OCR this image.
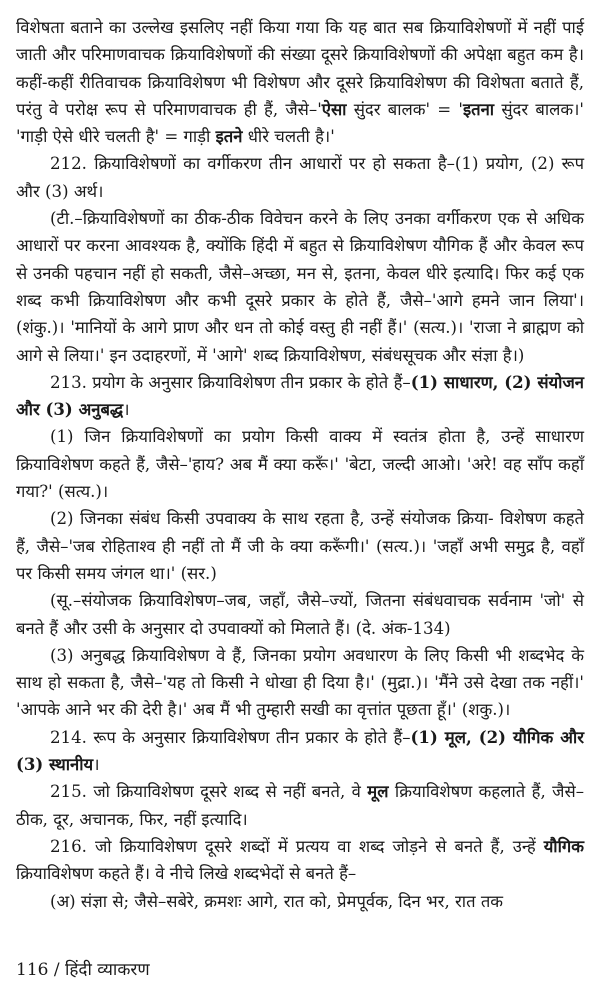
विशेषता बताने का उल्लेख इसलिए नहीं किया गया कि यह बात सब क्रियाविशेषणों में नहीं पाई जाती और परिमाणवाचक क्रियाविशेषणों की संख्या दूसरे क्रियाविशेषणों की अपेक्षा बहुत कम है। कहीं-कहीं रीतिवाचक क्रियाविशेषण भी विशेषण और दूसरे क्रियाविशेषण की विशेषता बताते हैं, परंतु वे परोक्ष रूप से परिमाणवाचक ही हैं, जैसे–'ऐसा सुंदर बालक' = 'इतना सुंदर बालक।' 'गाड़ी ऐसे धीरे चलती है' = गाड़ी इतने धीरे चलती है।'

212. क्रियाविशेषणों का वर्गीकरण तीन आधारों पर हो सकता है–(1) प्रयोग, (2) रूप और (3) अर्थ।

(टी.–क्रियाविशेषणों का ठीक-ठीक विवेचन करने के लिए उनका वर्गीकरण एक से अधिक आधारों पर करना आवश्यक है, क्योंकि हिंदी में बहुत से क्रियाविशेषण यौगिक हैं और केवल रूप से उनकी पहचान नहीं हो सकती, जैसे–अच्छा, मन से, इतना, केवल धीरे इत्यादि। फिर कई एक शब्द कभी क्रियाविशेषण और कभी दूसरे प्रकार के होते हैं, जैसे–'आगे हमने जान लिया'। (शंकु.)। 'मानियों के आगे प्राण और धन तो कोई वस्तु ही नहीं हैं।' (सत्य.)। 'राजा ने ब्राह्मण को आगे से लिया।' इन उदाहरणों, में 'आगे' शब्द क्रियाविशेषण, संबंधसूचक और संज्ञा है।)

213. प्रयोग के अनुसार क्रियाविशेषण तीन प्रकार के होते हैं–(1) साधारण, (2) संयोजन और (3) अनुबद्ध।

(1) जिन क्रियाविशेषणों का प्रयोग किसी वाक्य में स्वतंत्र होता है, उन्हें साधारण क्रियाविशेषण कहते हैं, जैसे–'हाय? अब मैं क्या करूँ।' 'बेटा, जल्दी आओ। 'अरे! वह साँप कहाँ गया?' (सत्य.)।

(2) जिनका संबंध किसी उपवाक्य के साथ रहता है, उन्हें संयोजक क्रिया- विशेषण कहते हैं, जैसे–'जब रोहिताश्व ही नहीं तो मैं जी के क्या करूँगी।' (सत्य.)। 'जहाँ अभी समुद्र है, वहाँ पर किसी समय जंगल था।' (सर.)

(सू.–संयोजक क्रियाविशेषण–जब, जहाँ, जैसे–ज्यों, जितना संबंधवाचक सर्वनाम 'जो' से बनते हैं और उसी के अनुसार दो उपवाक्यों को मिलाते हैं। (दे. अंक-134)

(3) अनुबद्ध क्रियाविशेषण वे हैं, जिनका प्रयोग अवधारण के लिए किसी भी शब्दभेद के साथ हो सकता है, जैसे–'यह तो किसी ने धोखा ही दिया है।' (मुद्रा.)। 'मैंने उसे देखा तक नहीं।' 'आपके आने भर की देरी है।' अब मैं भी तुम्हारी सखी का वृत्तांत पूछता हूँ।' (शकु.)।

214. रूप के अनुसार क्रियाविशेषण तीन प्रकार के होते हैं–(1) मूल, (2) यौगिक और (3) स्थानीय।

215. जो क्रियाविशेषण दूसरे शब्द से नहीं बनते, वे मूल क्रियाविशेषण कहलाते हैं, जैसे–ठीक, दूर, अचानक, फिर, नहीं इत्यादि।

216. जो क्रियाविशेषण दूसरे शब्दों में प्रत्यय वा शब्द जोड़ने से बनते हैं, उन्हें यौगिक क्रियाविशेषण कहते हैं। वे नीचे लिखे शब्दभेदों से बनते हैं–

(अ) संज्ञा से; जैसे–सबेरे, क्रमशः आगे, रात को, प्रेमपूर्वक, दिन भर, रात तक

116 / हिंदी व्याकरण
